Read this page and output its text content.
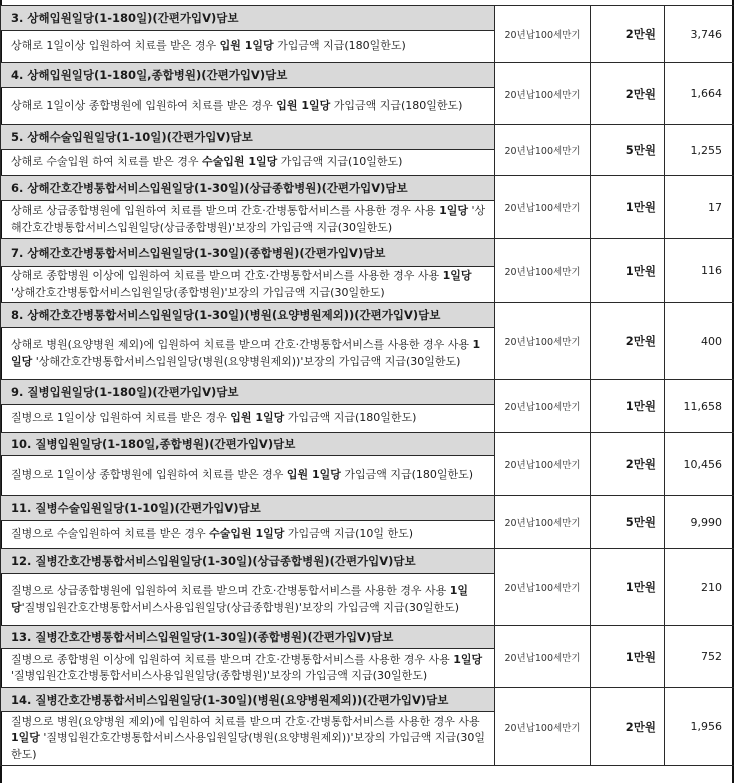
3. 상해입원일당(1-180일)(간편가입Ⅴ)담보	20년납100세만기	2만원	3,746
상해로 1일이상 입원하여 치료를 받은 경우 입원 1일당 가입금액 지급(180일한도)			
4. 상해입원일당(1-180일,종합병원)(간편가입Ⅴ)담보	20년납100세만기	2만원	1,664
상해로 1일이상 종합병원에 입원하여 치료를 받은 경우 입원 1일당 가입금액 지급(180일한도)			
5. 상해수술입원일당(1-10일)(간편가입Ⅴ)담보	20년납100세만기	5만원	1,255
상해로 수술입원 하여 치료를 받은 경우 수술입원 1일당 가입금액 지급(10일한도)			
6. 상해간호간병통합서비스입원일당(1-30일)(상급종합병원)(간편가입Ⅴ)담보	20년납100세만기	1만원	17
상해로 상급종합병원에 입원하여 치료를 받으며 간호·간병통합서비스를 사용한 경우 사용 1일당 '상해간호간병통합서비스입원일당(상급종합병원)'보장의 가입금액 지급(30일한도)			
7. 상해간호간병통합서비스입원일당(1-30일)(종합병원)(간편가입Ⅴ)담보	20년납100세만기	1만원	116
상해로 종합병원 이상에 입원하여 치료를 받으며 간호·간병통합서비스를 사용한 경우 사용 1일당 '상해간호간병통합서비스입원일당(종합병원)'보장의 가입금액 지급(30일한도)			
8. 상해간호간병통합서비스입원일당(1-30일)(병원(요양병원제외))(간편가입Ⅴ)담보	20년납100세만기	2만원	400
상해로 병원(요양병원 제외)에 입원하여 치료를 받으며 간호·간병통합서비스를 사용한 경우 사용 1일당 '상해간호간병통합서비스입원일당(병원(요양병원제외))'보장의 가입금액 지급(30일한도)			
9. 질병입원일당(1-180일)(간편가입Ⅴ)담보	20년납100세만기	1만원	11,658
질병으로 1일이상 입원하여 치료를 받은 경우 입원 1일당 가입금액 지급(180일한도)			
10. 질병입원일당(1-180일,종합병원)(간편가입Ⅴ)담보	20년납100세만기	2만원	10,456
질병으로 1일이상 종합병원에 입원하여 치료를 받은 경우 입원 1일당 가입금액 지급(180일한도)			
11. 질병수술입원일당(1-10일)(간편가입Ⅴ)담보	20년납100세만기	5만원	9,990
질병으로 수술입원하여 치료를 받은 경우 수술입원 1일당 가입금액 지급(10일 한도)			
12. 질병간호간병통합서비스입원일당(1-30일)(상급종합병원)(간편가입Ⅴ)담보	20년납100세만기	1만원	210
질병으로 상급종합병원에 입원하여 치료를 받으며 간호·간병통합서비스를 사용한 경우 사용 1일당'질병입원간호간병통합서비스사용입원일당(상급종합병원)'보장의 가입금액 지급(30일한도)			
13. 질병간호간병통합서비스입원일당(1-30일)(종합병원)(간편가입Ⅴ)담보	20년납100세만기	1만원	752
질병으로 종합병원 이상에 입원하여 치료를 받으며 간호·간병통합서비스를 사용한 경우 사용 1일당 '질병입원간호간병통합서비스사용입원일당(종합병원)'보장의 가입금액 지급(30일한도)			
14. 질병간호간병통합서비스입원일당(1-30일)(병원(요양병원제외))(간편가입Ⅴ)담보	20년납100세만기	2만원	1,956
질병으로 병원(요양병원 제외)에 입원하여 치료를 받으며 간호·간병통합서비스를 사용한 경우 사용 1일당 '질병입원간호간병통합서비스사용입원일당(병원(요양병원제외))'보장의 가입금액 지급(30일한도)			
